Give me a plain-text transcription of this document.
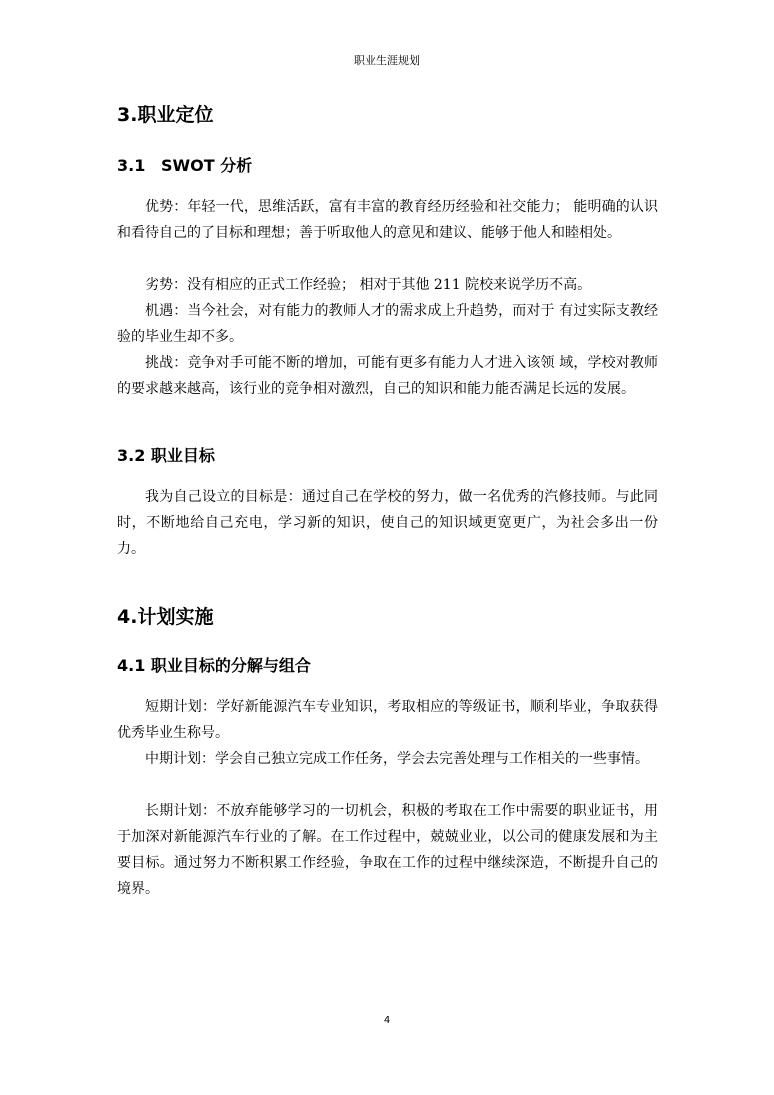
职业生涯规划
3.职业定位
3.1 SWOT 分析

优势：年轻一代，思维活跃，富有丰富的教育经历经验和社交能力； 能明确的认识和看待自己的了目标和理想；善于听取他人的意见和建议、能够于他人和睦相处。

劣势：没有相应的正式工作经验； 相对于其他 211 院校来说学历不高。

机遇：当今社会，对有能力的教师人才的需求成上升趋势，而对于 有过实际支教经验的毕业生却不多。

挑战：竞争对手可能不断的增加，可能有更多有能力人才进入该领 域，学校对教师的要求越来越高，该行业的竞争相对激烈，自己的知识和能力能否满足长远的发展。

3.2 职业目标

我为自己设立的目标是：通过自己在学校的努力，做一名优秀的汽修技师。与此同时，不断地给自己充电，学习新的知识，使自己的知识域更宽更广，为社会多出一份力。

4.计划实施
4.1 职业目标的分解与组合

短期计划：学好新能源汽车专业知识，考取相应的等级证书，顺利毕业，争取获得优秀毕业生称号。

中期计划：学会自己独立完成工作任务，学会去完善处理与工作相关的一些事情。

长期计划：不放弃能够学习的一切机会，积极的考取在工作中需要的职业证书，用于加深对新能源汽车行业的了解。在工作过程中，兢兢业业，以公司的健康发展和为主要目标。通过努力不断积累工作经验，争取在工作的过程中继续深造，不断提升自己的境界。

4
